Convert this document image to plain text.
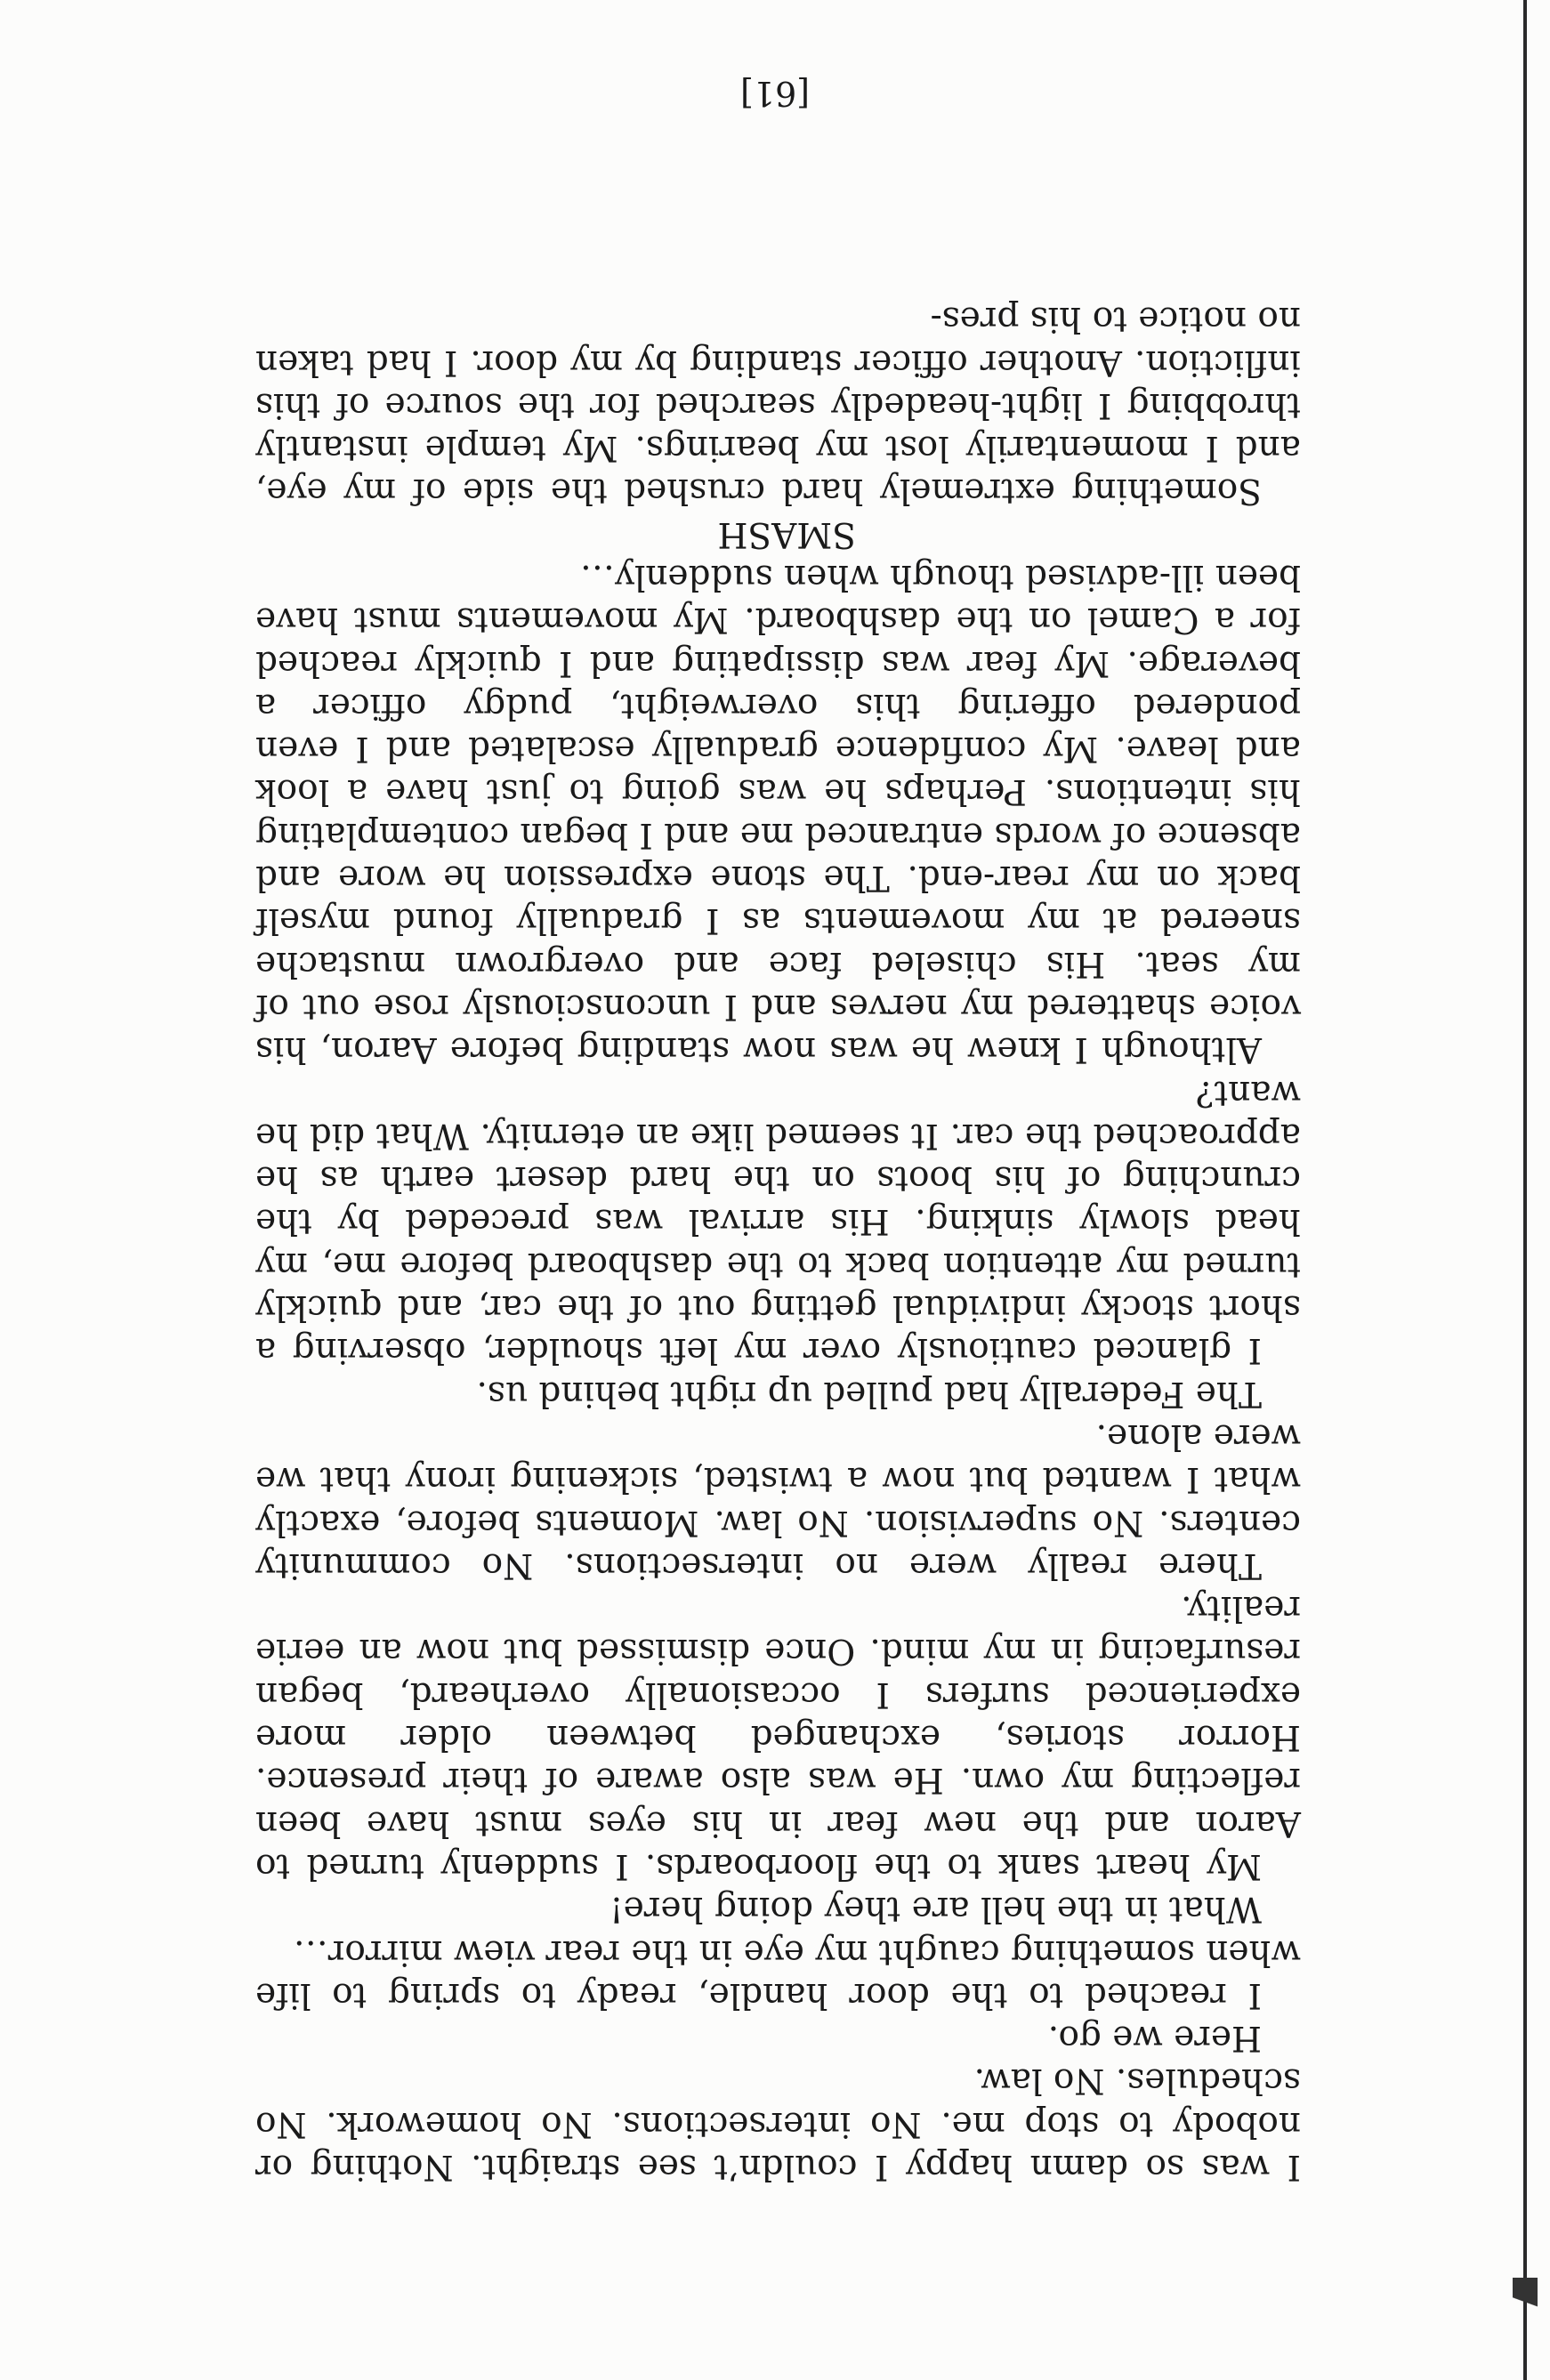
I was so damn happy I couldn’t see straight. Nothing or nobody to stop me. No intersections. No homework. No schedules. No law.

Here we go.

I reached to the door handle, ready to spring to life when something caught my eye in the rear view mirror…

What in the hell are they doing here!

My heart sank to the floorboards. I suddenly turned to Aaron and the new fear in his eyes must have been reflecting my own. He was also aware of their presence. Horror stories, exchanged between older more experienced surfers I occasionally overheard, began resurfacing in my mind. Once dismissed but now an eerie reality.

There really were no intersections. No community centers. No supervision. No law. Moments before, exactly what I wanted but now a twisted, sickening irony that we were alone.

The Federally had pulled up right behind us.

I glanced cautiously over my left shoulder, observing a short stocky individual getting out of the car, and quickly turned my attention back to the dashboard before me, my head slowly sinking. His arrival was preceded by the crunching of his boots on the hard desert earth as he approached the car. It seemed like an eternity. What did he want?

Although I knew he was now standing before Aaron, his voice shattered my nerves and I unconsciously rose out of my seat. His chiseled face and overgrown mustache sneered at my movements as I gradually found myself back on my rear-end. The stone expression he wore and absence of words entranced me and I began contemplating his intentions. Perhaps he was going to just have a look and leave. My confidence gradually escalated and I even pondered offering this overweight, pudgy officer a beverage. My fear was dissipating and I quickly reached for a Camel on the dashboard. My movements must have been ill-advised though when suddenly…

SMASH

Something extremely hard crushed the side of my eye, and I momentarily lost my bearings. My temple instantly throbbing I light-headedly searched for the source of this infliction. Another officer standing by my door. I had taken no notice to his pres-

[61]
